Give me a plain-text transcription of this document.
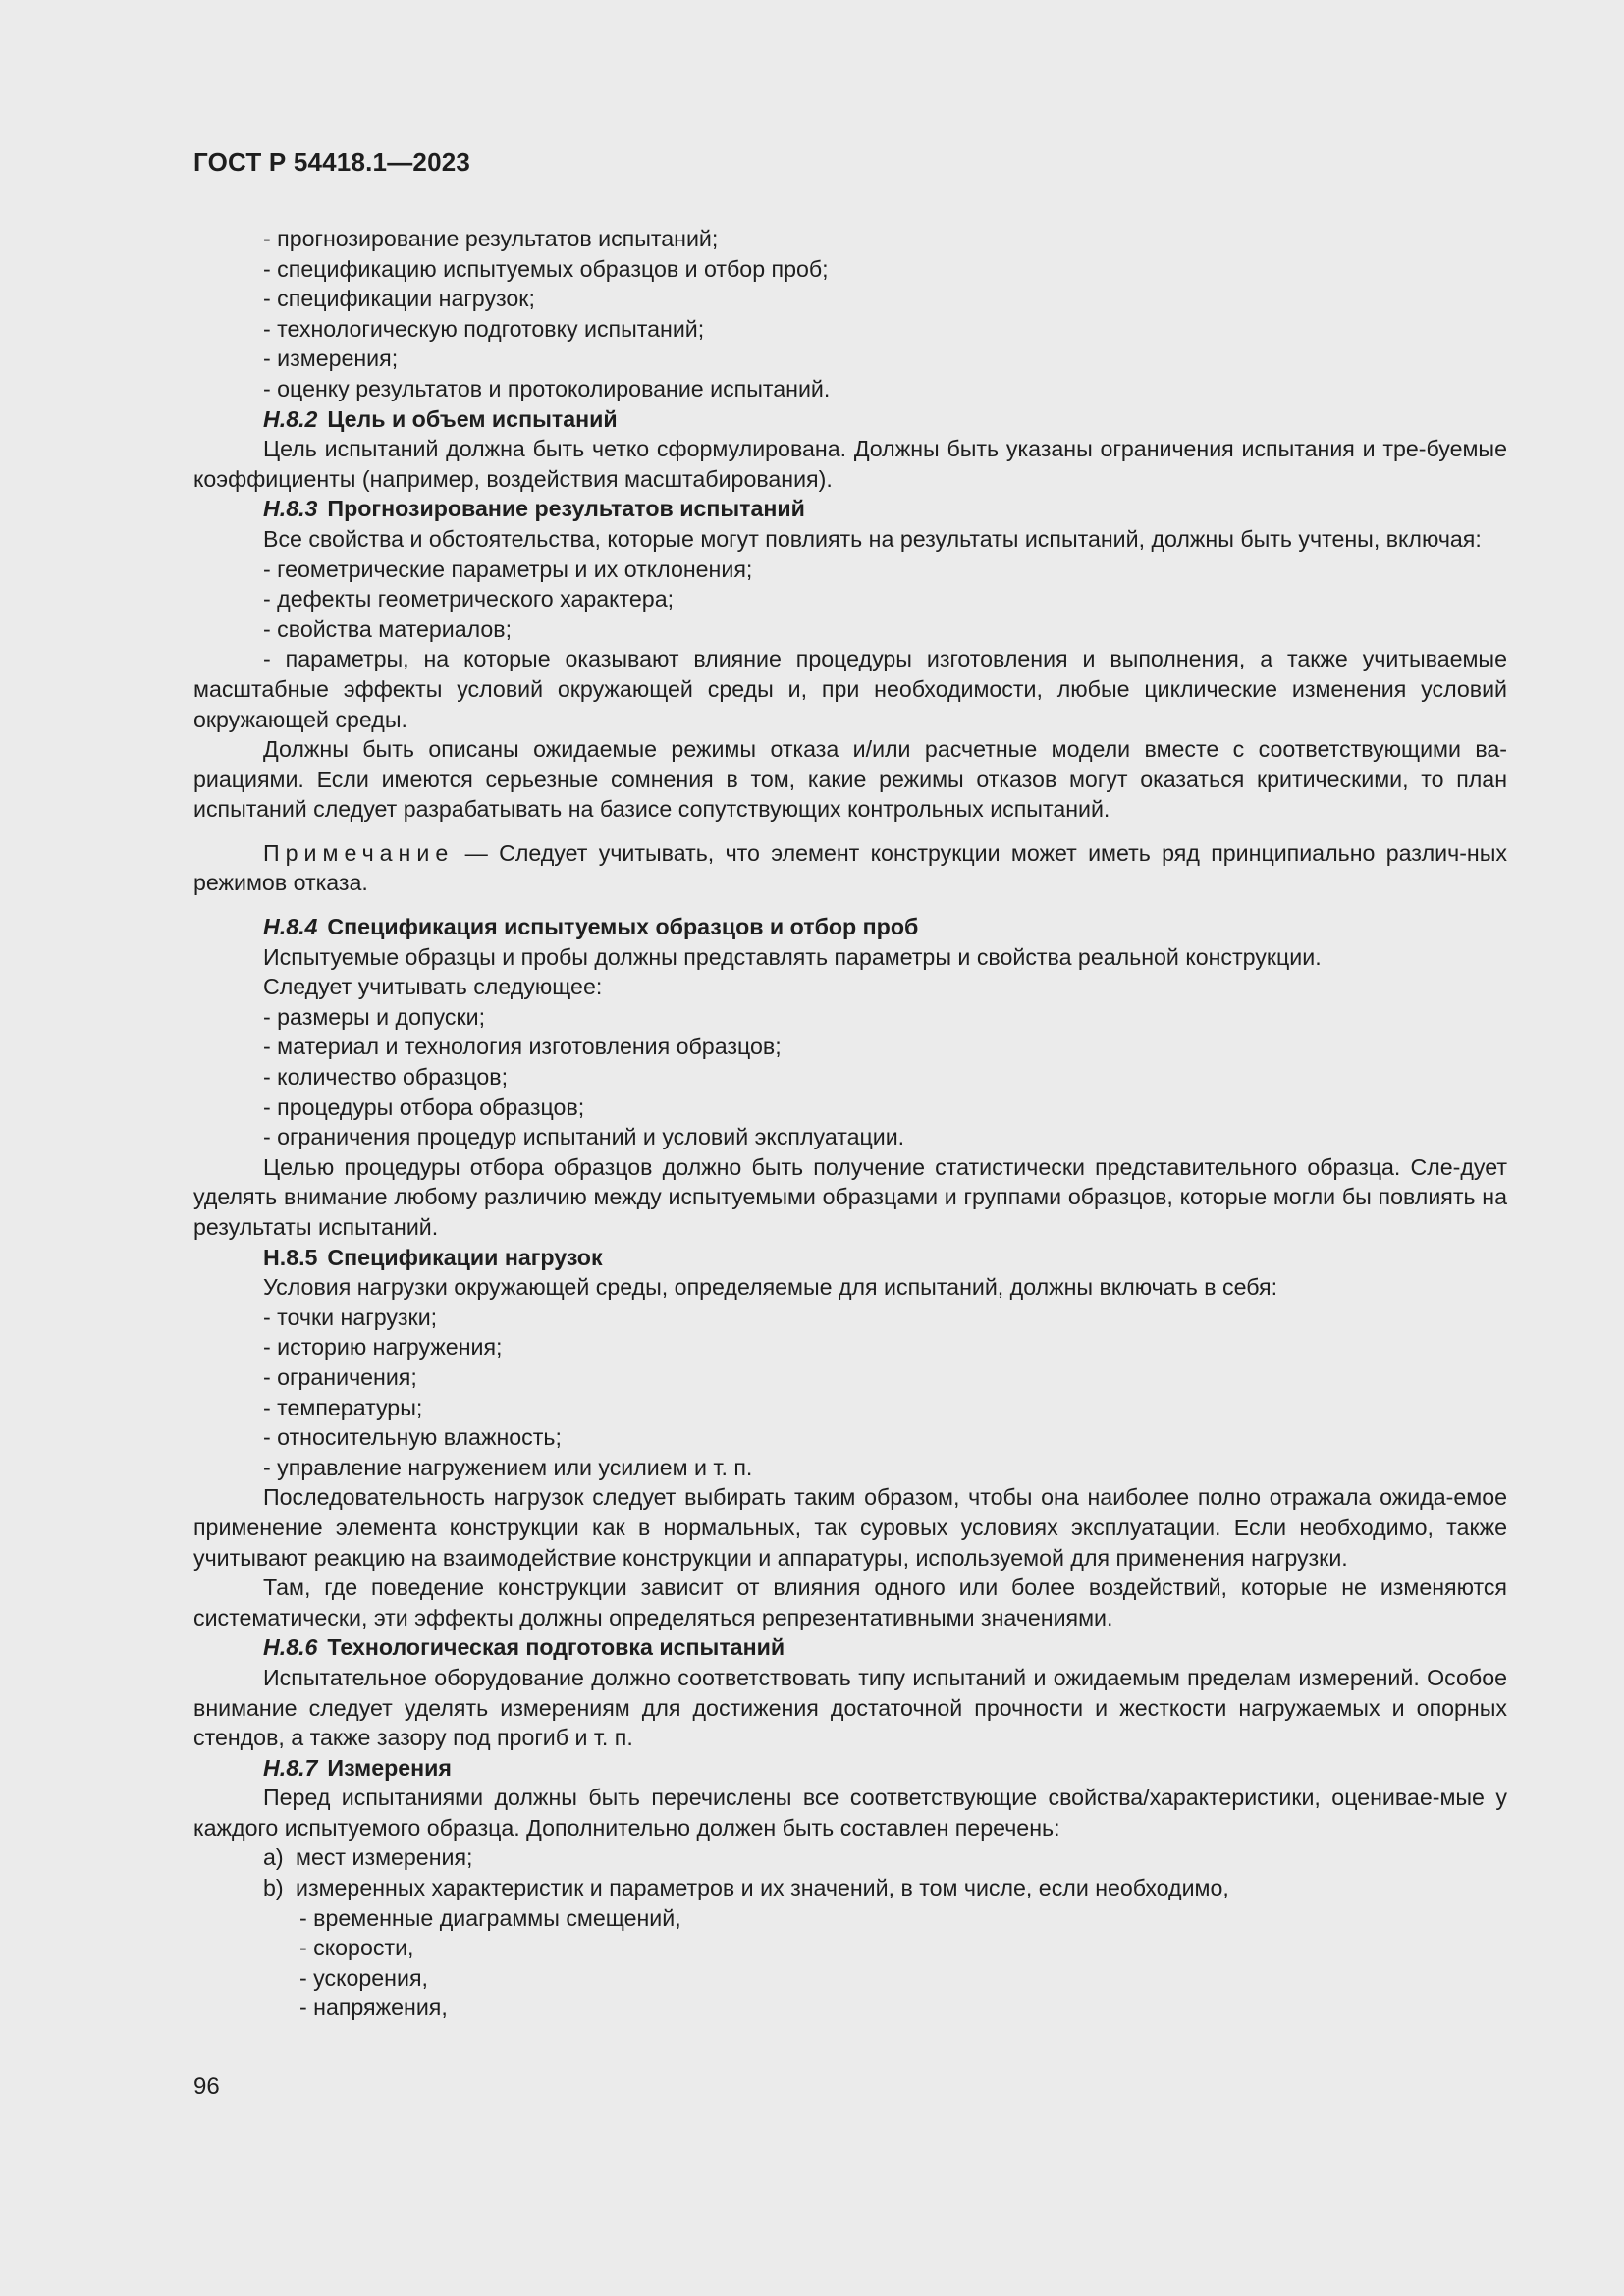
ГОСТ Р 54418.1—2023

- прогнозирование результатов испытаний;

- спецификацию испытуемых образцов и отбор проб;

- спецификации нагрузок;

- технологическую подготовку испытаний;

- измерения;

- оценку результатов и протоколирование испытаний.

Н.8.2 Цель и объем испытаний

Цель испытаний должна быть четко сформулирована. Должны быть указаны ограничения испытания и тре-буемые коэффициенты (например, воздействия масштабирования).

Н.8.3 Прогнозирование результатов испытаний

Все свойства и обстоятельства, которые могут повлиять на результаты испытаний, должны быть учтены, включая:

- геометрические параметры и их отклонения;

- дефекты геометрического характера;

- свойства материалов;

- параметры, на которые оказывают влияние процедуры изготовления и выполнения, а также учитываемые масштабные эффекты условий окружающей среды и, при необходимости, любые циклические изменения условий окружающей среды.

Должны быть описаны ожидаемые режимы отказа и/или расчетные модели вместе с соответствующими ва-риациями. Если имеются серьезные сомнения в том, какие режимы отказов могут оказаться критическими, то план испытаний следует разрабатывать на базисе сопутствующих контрольных испытаний.

Примечание — Следует учитывать, что элемент конструкции может иметь ряд принципиально различ-ных режимов отказа.

Н.8.4 Спецификация испытуемых образцов и отбор проб

Испытуемые образцы и пробы должны представлять параметры и свойства реальной конструкции.

Следует учитывать следующее:

- размеры и допуски;

- материал и технология изготовления образцов;

- количество образцов;

- процедуры отбора образцов;

- ограничения процедур испытаний и условий эксплуатации.

Целью процедуры отбора образцов должно быть получение статистически представительного образца. Сле-дует уделять внимание любому различию между испытуемыми образцами и группами образцов, которые могли бы повлиять на результаты испытаний.

Н.8.5 Спецификации нагрузок

Условия нагрузки окружающей среды, определяемые для испытаний, должны включать в себя:

- точки нагрузки;

- историю нагружения;

- ограничения;

- температуры;

- относительную влажность;

- управление нагружением или усилием и т. п.

Последовательность нагрузок следует выбирать таким образом, чтобы она наиболее полно отражала ожида-емое применение элемента конструкции как в нормальных, так суровых условиях эксплуатации. Если необходимо, также учитывают реакцию на взаимодействие конструкции и аппаратуры, используемой для применения нагрузки.

Там, где поведение конструкции зависит от влияния одного или более воздействий, которые не изменяются систематически, эти эффекты должны определяться репрезентативными значениями.

Н.8.6 Технологическая подготовка испытаний

Испытательное оборудование должно соответствовать типу испытаний и ожидаемым пределам измерений. Особое внимание следует уделять измерениям для достижения достаточной прочности и жесткости нагружаемых и опорных стендов, а также зазору под прогиб и т. п.

Н.8.7 Измерения

Перед испытаниями должны быть перечислены все соответствующие свойства/характеристики, оценивае-мые у каждого испытуемого образца. Дополнительно должен быть составлен перечень:

a) мест измерения;

b) измеренных характеристик и параметров и их значений, в том числе, если необходимо,

- временные диаграммы смещений,

- скорости,

- ускорения,

- напряжения,

96
